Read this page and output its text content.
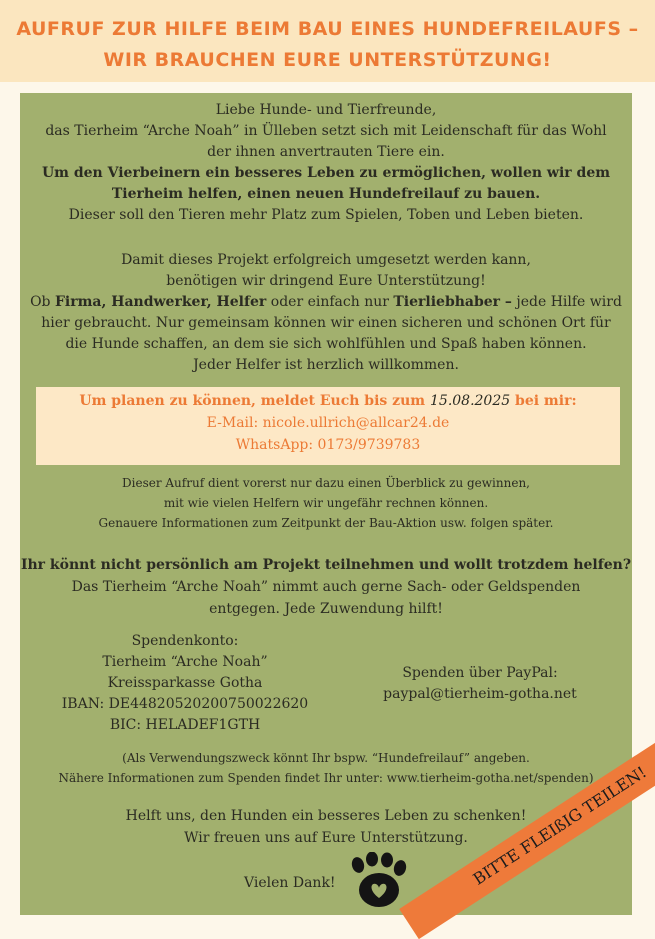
AUFRUF ZUR HILFE BEIM BAU EINES HUNDEFREILAUFS –
WIR BRAUCHEN EURE UNTERSTÜTZUNG!
Liebe Hunde- und Tierfreunde,
das Tierheim “Arche Noah” in Ülleben setzt sich mit Leidenschaft für das Wohl
der ihnen anvertrauten Tiere ein.
Um den Vierbeinern ein besseres Leben zu ermöglichen, wollen wir dem
Tierheim helfen, einen neuen Hundefreilauf zu bauen.
Dieser soll den Tieren mehr Platz zum Spielen, Toben und Leben bieten.
Damit dieses Projekt erfolgreich umgesetzt werden kann,
benötigen wir dringend Eure Unterstützung!
Ob Firma, Handwerker, Helfer oder einfach nur Tierliebhaber – jede Hilfe wird
hier gebraucht. Nur gemeinsam können wir einen sicheren und schönen Ort für
die Hunde schaffen, an dem sie sich wohlfühlen und Spaß haben können.
Jeder Helfer ist herzlich willkommen.
Um planen zu können, meldet Euch bis zum 15.08.2025 bei mir:
E-Mail: nicole.ullrich@allcar24.de
WhatsApp: 0173/9739783
Dieser Aufruf dient vorerst nur dazu einen Überblick zu gewinnen,
mit wie vielen Helfern wir ungefähr rechnen können.
Genauere Informationen zum Zeitpunkt der Bau-Aktion usw. folgen später.
Ihr könnt nicht persönlich am Projekt teilnehmen und wollt trotzdem helfen?
Das Tierheim “Arche Noah” nimmt auch gerne Sach- oder Geldspenden
entgegen. Jede Zuwendung hilft!
Spendenkonto:
Tierheim “Arche Noah”
Kreissparkasse Gotha
IBAN: DE44820520200750022620
BIC: HELADEF1GTH
Spenden über PayPal:
paypal@tierheim-gotha.net
(Als Verwendungszweck könnt Ihr bspw. “Hundefreilauf” angeben.
Nähere Informationen zum Spenden findet Ihr unter: www.tierheim-gotha.net/spenden)
Helft uns, den Hunden ein besseres Leben zu schenken!
Wir freuen uns auf Eure Unterstützung.
Vielen Dank!	BITTE FLEIßIG TEILEN!
